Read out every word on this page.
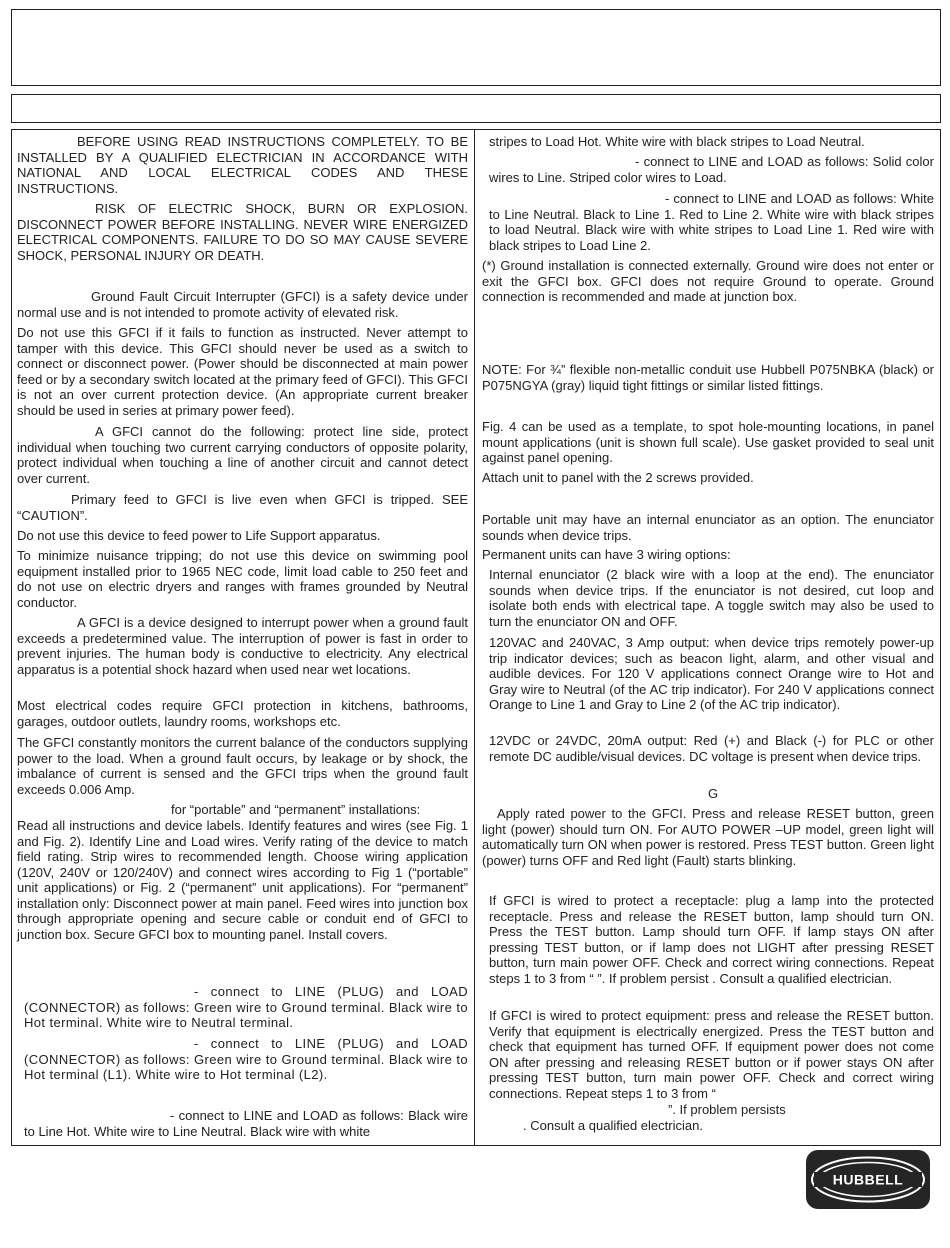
BEFORE USING READ INSTRUCTIONS COMPLETELY. TO BE INSTALLED BY A QUALIFIED ELECTRICIAN IN ACCORDANCE WITH NATIONAL AND LOCAL ELECTRICAL CODES AND THESE INSTRUCTIONS.
RISK OF ELECTRIC SHOCK, BURN OR EXPLOSION. DISCONNECT POWER BEFORE INSTALLING. NEVER WIRE ENERGIZED ELECTRICAL COMPONENTS. FAILURE TO DO SO MAY CAUSE SEVERE SHOCK, PERSONAL INJURY OR DEATH.
Ground Fault Circuit Interrupter (GFCI) is a safety device under normal use and is not intended to promote activity of elevated risk.
Do not use this GFCI if it fails to function as instructed. Never attempt to tamper with this device. This GFCI should never be used as a switch to connect or disconnect power. (Power should be disconnected at main power feed or by a secondary switch located at the primary feed of GFCI). This GFCI is not an over current protection device. (An appropriate current breaker should be used in series at primary power feed).
A GFCI cannot do the following: protect line side, protect individual when touching two current carrying conductors of opposite polarity, protect individual when touching a line of another circuit and cannot detect over current.
Primary feed to GFCI is live even when GFCI is tripped. SEE “CAUTION”.
Do not use this device to feed power to Life Support apparatus.
To minimize nuisance tripping; do not use this device on swimming pool equipment installed prior to 1965 NEC code, limit load cable to 250 feet and do not use on electric dryers and ranges with frames grounded by Neutral conductor.
A GFCI is a device designed to interrupt power when a ground fault exceeds a predetermined value. The interruption of power is fast in order to prevent injuries. The human body is conductive to electricity. Any electrical apparatus is a potential shock hazard when used near wet locations.
Most electrical codes require GFCI protection in kitchens, bathrooms, garages, outdoor outlets, laundry rooms, workshops etc.
The GFCI constantly monitors the current balance of the conductors supplying power to the load. When a ground fault occurs, by leakage or by shock, the imbalance of current is sensed and the GFCI trips when the ground fault exceeds 0.006 Amp.
for “portable” and “permanent” installations:
Read all instructions and device labels. Identify features and wires (see Fig. 1 and Fig. 2). Identify Line and Load wires. Verify rating of the device to match field rating. Strip wires to recommended length. Choose wiring application (120V, 240V or 120/240V) and connect wires according to Fig 1 (“portable” unit applications) or Fig. 2 (“permanent” unit applications). For “permanent” installation only: Disconnect power at main panel. Feed wires into junction box through appropriate opening and secure cable or conduit end of GFCI to junction box. Secure GFCI box to mounting panel. Install covers.
- connect to LINE (PLUG) and LOAD (CONNECTOR) as follows: Green wire to Ground terminal. Black wire to Hot terminal. White wire to Neutral terminal.
- connect to LINE (PLUG) and LOAD (CONNECTOR) as follows: Green wire to Ground terminal. Black wire to Hot terminal (L1). White wire to Hot terminal (L2).
- connect to LINE and LOAD as follows: Black wire to Line Hot. White wire to Line Neutral. Black wire with white
stripes to Load Hot. White wire with black stripes to Load Neutral.
- connect to LINE and LOAD as follows: Solid color wires to Line. Striped color wires to Load.
- connect to LINE and LOAD as follows: White to Line Neutral. Black to Line 1. Red to Line 2. White wire with black stripes to load Neutral. Black wire with white stripes to Load Line 1. Red wire with black stripes to Load Line 2.
(*) Ground installation is connected externally. Ground wire does not enter or exit the GFCI box. GFCI does not require Ground to operate. Ground connection is recommended and made at junction box.
NOTE: For ¾” flexible non-metallic conduit use Hubbell P075NBKA (black) or P075NGYA (gray) liquid tight fittings or similar listed fittings.
Fig. 4 can be used as a template, to spot hole-mounting locations, in panel mount applications (unit is shown full scale). Use gasket provided to seal unit against panel opening.
Attach unit to panel with the 2 screws provided.
Portable unit may have an internal enunciator as an option. The enunciator sounds when device trips.
Permanent units can have 3 wiring options:
Internal enunciator (2 black wire with a loop at the end). The enunciator sounds when device trips. If the enunciator is not desired, cut loop and isolate both ends with electrical tape. A toggle switch may also be used to turn the enunciator ON and OFF.
120VAC and 240VAC, 3 Amp output: when device trips remotely power-up trip indicator devices; such as beacon light, alarm, and other visual and audible devices. For 120 V applications connect Orange wire to Hot and Gray wire to Neutral (of the AC trip indicator). For 240 V applications connect Orange to Line 1 and Gray to Line 2 (of the AC trip indicator).
12VDC or 24VDC, 20mA output: Red (+) and Black (-) for PLC or other remote DC audible/visual devices. DC voltage is present when device trips.
G
Apply rated power to the GFCI. Press and release RESET button, green light (power) should turn ON. For AUTO POWER –UP model, green light will automatically turn ON when power is restored. Press TEST button. Green light (power) turns OFF and Red light (Fault) starts blinking.
If GFCI is wired to protect a receptacle: plug a lamp into the protected receptacle. Press and release the RESET button, lamp should turn ON. Press the TEST button. Lamp should turn OFF. If lamp stays ON after pressing TEST button, or if lamp does not LIGHT after pressing RESET button, turn main power OFF. Check and correct wiring connections. Repeat steps 1 to 3 from “ ”. If problem persist . Consult a qualified electrician.
If GFCI is wired to protect equipment: press and release the RESET button. Verify that equipment is electrically energized. Press the TEST button and check that equipment has turned OFF. If equipment power does not come ON after pressing and releasing RESET button or if power stays ON after pressing TEST button, turn main power OFF. Check and correct wiring connections. Repeat steps 1 to 3 from “
”. If problem persists
. Consult a qualified electrician.
HUBBELL
